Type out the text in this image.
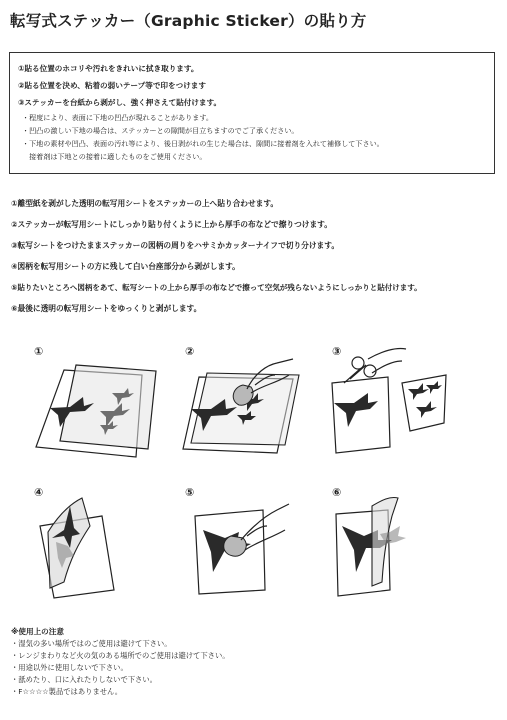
転写式ステッカー（Graphic Sticker）の貼り方
①貼る位置のホコリや汚れをきれいに拭き取ります。
②貼る位置を決め、粘着の弱いテープ等で印をつけます
③ステッカーを台紙から剥がし、強く押さえて貼付けます。
・程度により、表面に下地の凹凸が現れることがあります。
・凹凸の激しい下地の場合は、ステッカーとの隙間が目立ちますのでご了承ください。
・下地の素材や凹凸、表面の汚れ等により、後日剥がれの生じた場合は、隙間に接着剤を入れて補修して下さい。
　接着剤は下地との接着に適したものをご使用ください。
①離型紙を剥がした透明の転写用シートをステッカーの上へ貼り合わせます。
②ステッカーが転写用シートにしっかり貼り付くように上から厚手の布などで擦りつけます。
③転写シートをつけたままステッカーの図柄の周りをハサミかカッターナイフで切り分けます。
④図柄を転写用シートの方に残して白い台座部分から剥がします。
⑤貼りたいところへ図柄をあて、転写シートの上から厚手の布などで擦って空気が残らないようにしっかりと貼付けます。
⑥最後に透明の転写用シートをゆっくりと剥がします。
①	②	③
④	⑤	⑥
※使用上の注意
・湿気の多い場所ではのご使用は避けて下さい。
・レンジまわりなど火の気のある場所でのご使用は避けて下さい。
・用途以外に使用しないで下さい。
・舐めたり、口に入れたりしないで下さい。
・F☆☆☆☆製品ではありません。
